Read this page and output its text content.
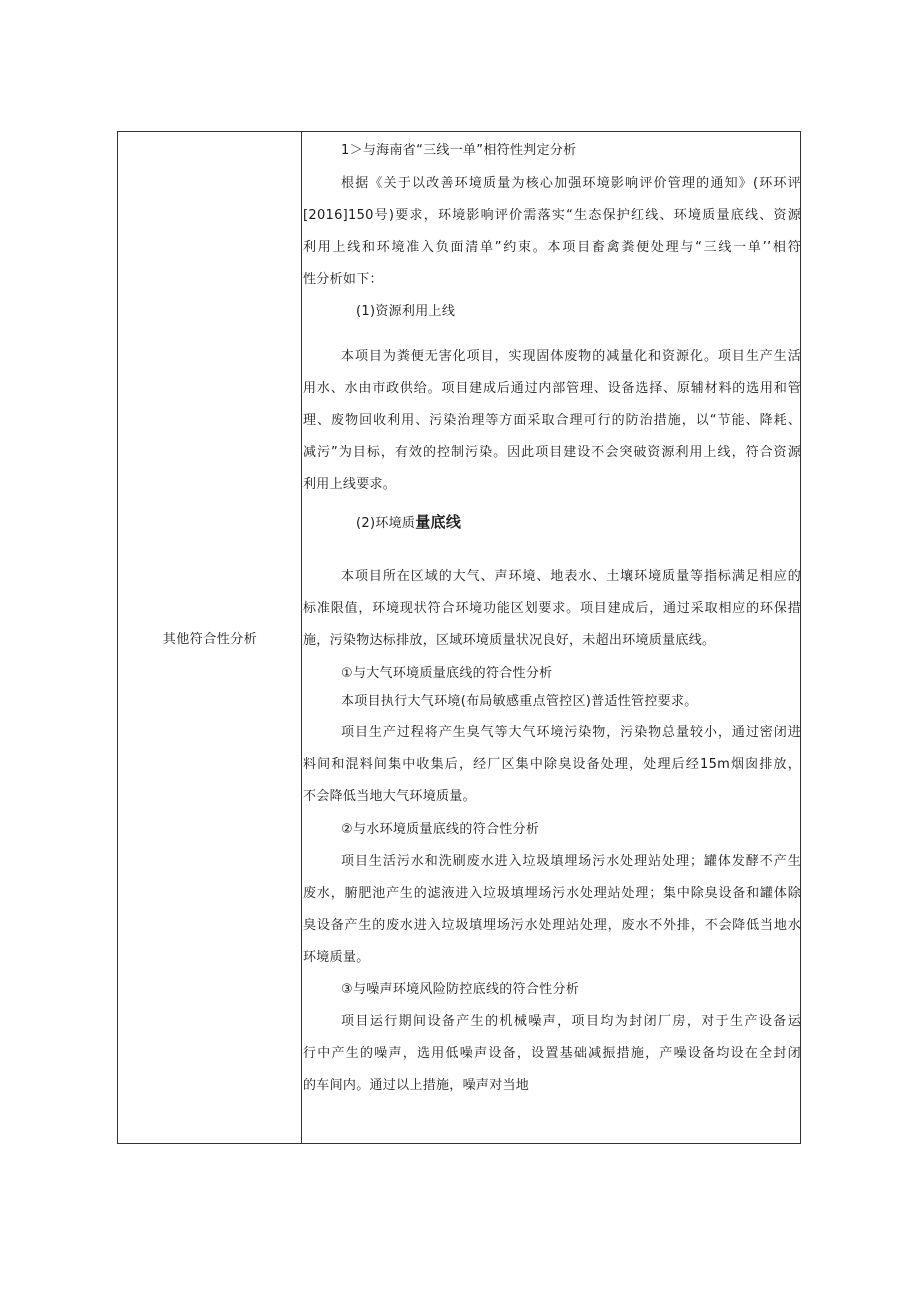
其他符合性分析
1＞与海南省“三线一单”相符性判定分析
根据《关于以改善环境质量为核心加强环境影响评价管理的通知》(环环评
[2016]150号)要求，环境影响评价需落实“生态保护红线、环境质量底线、资源
利用上线和环境准入负面清单”约束。本项目畜禽粪便处理与“三线一单’’相符
性分析如下：
(1)资源利用上线
本项目为粪便无害化项目，实现固体废物的减量化和资源化。项目生产生活
用水、水由市政供给。项目建成后通过内部管理、设备选择、原辅材料的选用和管
理、废物回收利用、污染治理等方面采取合理可行的防治措施，以“节能、降耗、
减污”为目标，有效的控制污染。因此项目建设不会突破资源利用上线，符合资源
利用上线要求。
(2)环境质量底线
本项目所在区域的大气、声环境、地表水、土壤环境质量等指标满足相应的
标准限值，环境现状符合环境功能区划要求。项目建成后，通过采取相应的环保措
施，污染物达标排放，区域环境质量状况良好，未超出环境质量底线。
①与大气环境质量底线的符合性分析
本项目执行大气环境(布局敏感重点管控区)普适性管控要求。
项目生产过程将产生臭气等大气环境污染物，污染物总量较小，通过密闭进
料间和混料间集中收集后，经厂区集中除臭设备处理，处理后经15m烟囱排放，
不会降低当地大气环境质量。
②与水环境质量底线的符合性分析
项目生活污水和洗刷废水进入垃圾填埋场污水处理站处理；罐体发酵不产生
废水，腑肥池产生的滤液进入垃圾填埋场污水处理站处理；集中除臭设备和罐体除
臭设备产生的废水进入垃圾填埋场污水处理站处理，废水不外排，不会降低当地水
环境质量。
③与噪声环境风险防控底线的符合性分析
项目运行期间设备产生的机械噪声，项目均为封闭厂房，对于生产设备运
行中产生的噪声，选用低噪声设备，设置基础减振措施，产噪设备均设在全封闭
的车间内。通过以上措施，噪声对当地
